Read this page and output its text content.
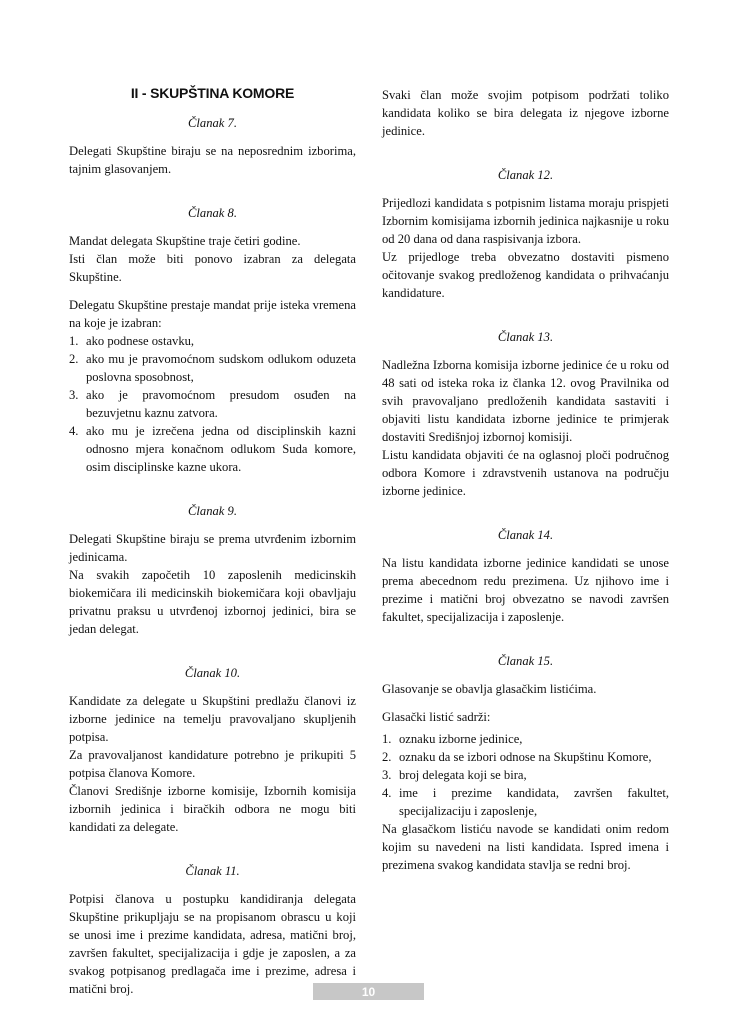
II - SKUPŠTINA KOMORE
Članak 7.

Delegati Skupštine biraju se na neposrednim izborima, tajnim glasovanjem.

Članak 8.

Mandat delegata Skupštine traje četiri godine.

Isti član može biti ponovo izabran za delegata Skupštine.

Delegatu Skupštine prestaje mandat prije isteka vremena na koje je izabran:

1. ako podnese ostavku,
2. ako mu je pravomoćnom sudskom odlukom oduzeta poslovna sposobnost,
3. ako je pravomoćnom presudom osuđen na bezuvjetnu kaznu zatvora.
4. ako mu je izrečena jedna od disciplinskih kazni odnosno mjera konačnom odlukom Suda komore, osim disciplinske kazne ukora.
Članak 9.

Delegati Skupštine biraju se prema utvrđenim izbornim jedinicama.

Na svakih započetih 10 zaposlenih medicinskih biokemičara ili medicinskih biokemičara koji obavljaju privatnu praksu u utvrđenoj izbornoj jedinici, bira se jedan delegat.

Članak 10.

Kandidate za delegate u Skupštini predlažu članovi iz izborne jedinice na temelju pravovaljano skupljenih potpisa.

Za pravovaljanost kandidature potrebno je prikupiti 5 potpisa članova Komore.

Članovi Središnje izborne komisije, Izbornih komisija izbornih jedinica i biračkih odbora ne mogu biti kandidati za delegate.

Članak 11.

Potpisi članova u postupku kandidiranja delegata Skupštine prikupljaju se na propisanom obrascu u koji se unosi ime i prezime kandidata, adresa, matični broj, završen fakultet, specijalizacija i gdje je zaposlen, a za svakog potpisanog predlagača ime i prezime, adresa i matični broj.

Svaki član može svojim potpisom podržati toliko kandidata koliko se bira delegata iz njegove izborne jedinice.

Članak 12.

Prijedlozi kandidata s potpisnim listama moraju prispjeti Izbornim komisijama izbornih jedinica najkasnije u roku od 20 dana od dana raspisivanja izbora.

Uz prijedloge treba obvezatno dostaviti pismeno očitovanje svakog predloženog kandidata o prihvaćanju kandidature.

Članak 13.

Nadležna Izborna komisija izborne jedinice će u roku od 48 sati od isteka roka iz članka 12. ovog Pravilnika od svih pravovaljano predloženih kandidata sastaviti i objaviti listu kandidata izborne jedinice te primjerak dostaviti Središnjoj izbornoj komisiji.

Listu kandidata objaviti će na oglasnoj ploči područnog odbora Komore i zdravstvenih ustanova na području izborne jedinice.

Članak 14.

Na listu kandidata izborne jedinice kandidati se unose prema abecednom redu prezimena. Uz njihovo ime i prezime i matični broj obvezatno se navodi završen fakultet, specijalizacija i zaposlenje.

Članak 15.

Glasovanje se obavlja glasačkim listićima.

Glasački listić sadrži:

1. oznaku izborne jedinice,
2. oznaku da se izbori odnose na Skupštinu Komore,
3. broj delegata koji se bira,
4. ime i prezime kandidata, završen fakultet, specijalizaciju i zaposlenje,

Na glasačkom listiću navode se kandidati onim redom kojim su navedeni na listi kandidata. Ispred imena i prezimena svakog kandidata stavlja se redni broj.

10
